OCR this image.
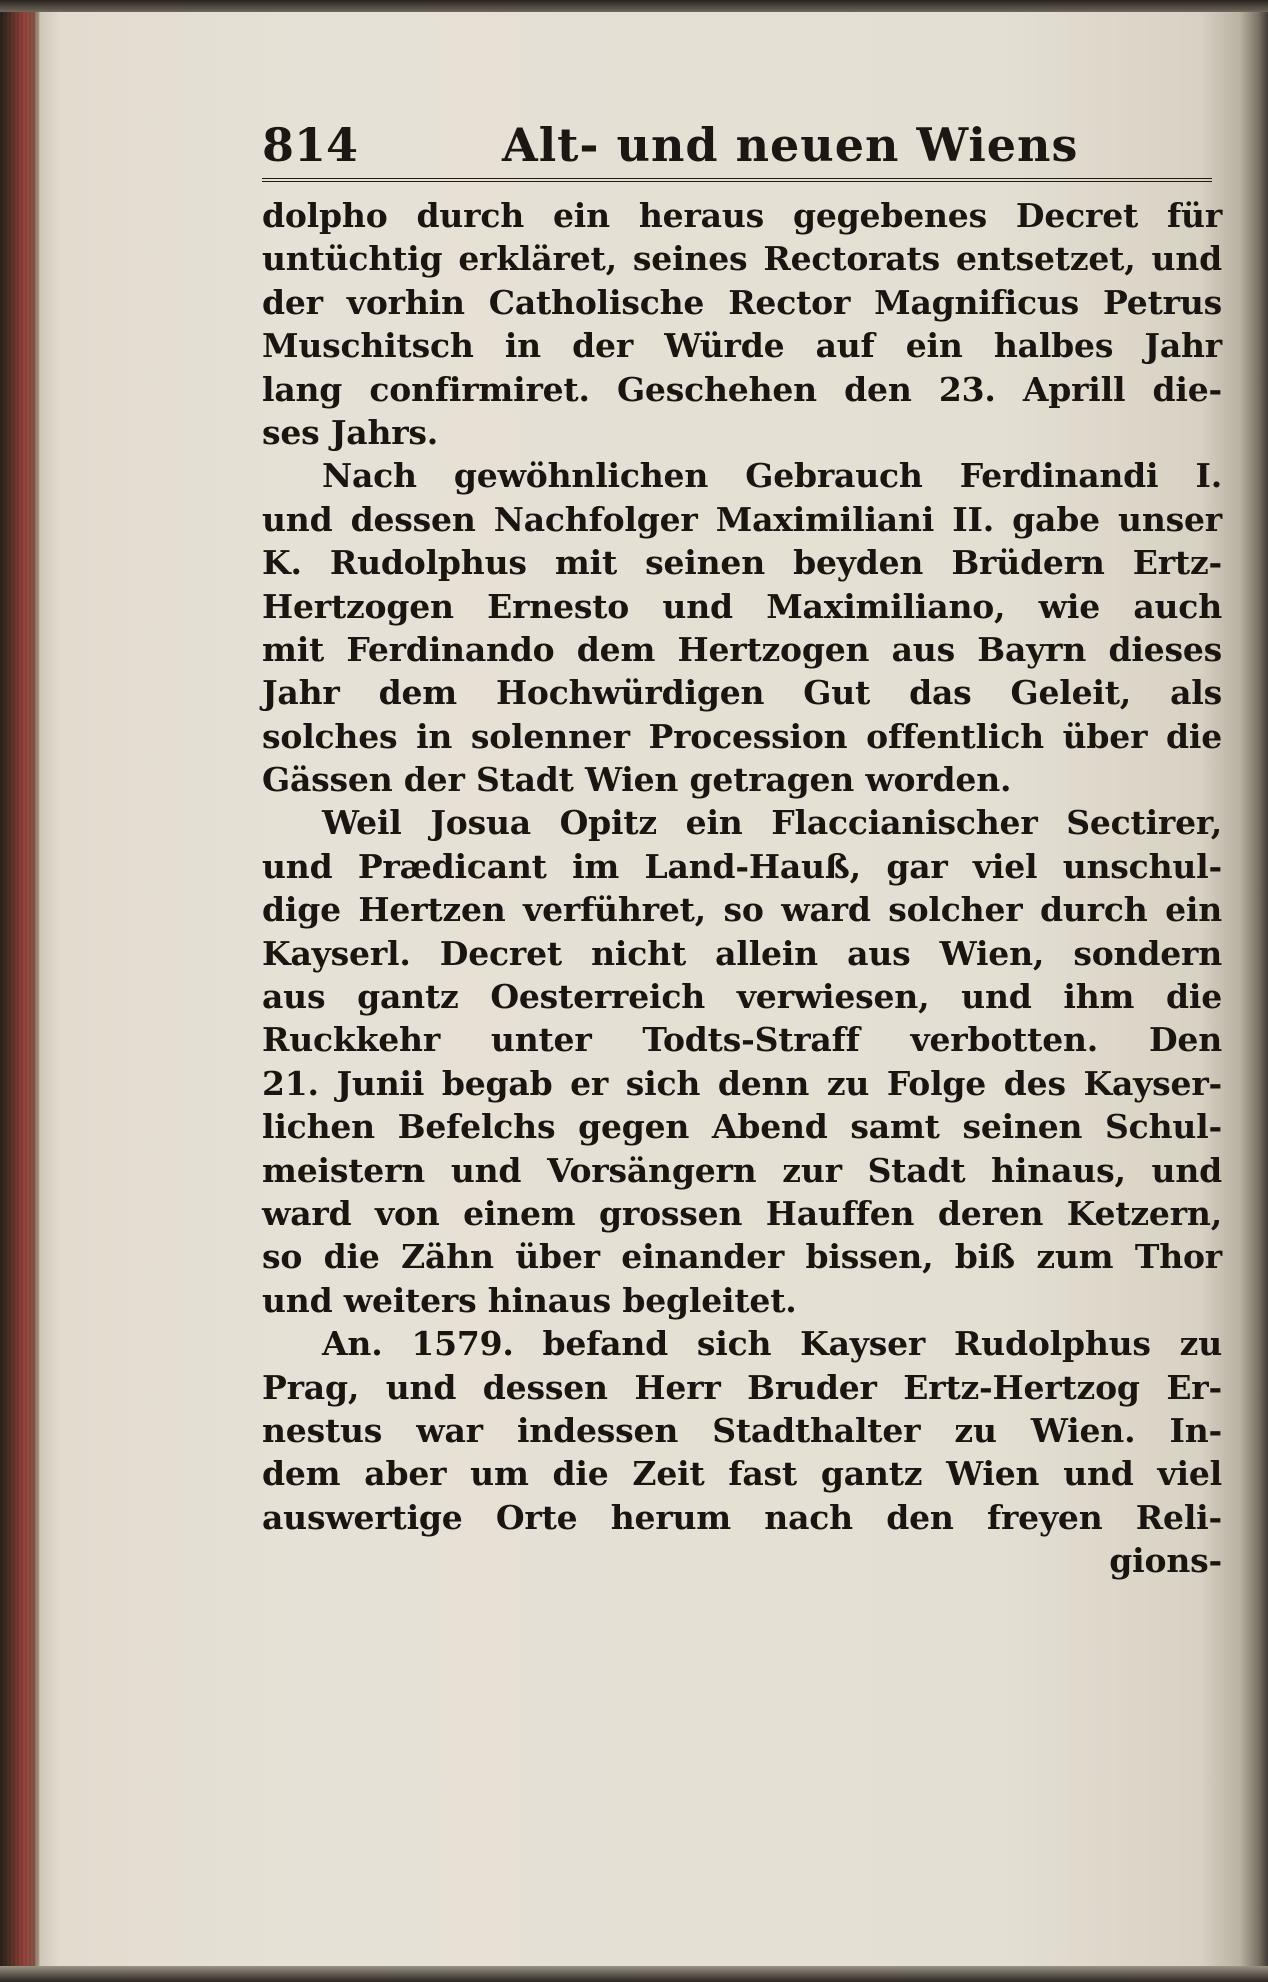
814	Alt- und neuen Wiens
dolpho durch ein heraus gegebenes Decret für
untüchtig erkläret, seines Rectorats entsetzet, und
der vorhin Catholische Rector Magnificus Petrus
Muschitsch in der Würde auf ein halbes Jahr
lang confirmiret. Geschehen den 23. Aprill die-
ses Jahrs.
Nach gewöhnlichen Gebrauch Ferdinandi I.
und dessen Nachfolger Maximiliani II. gabe unser
K. Rudolphus mit seinen beyden Brüdern Ertz-
Hertzogen Ernesto und Maximiliano, wie auch
mit Ferdinando dem Hertzogen aus Bayrn dieses
Jahr dem Hochwürdigen Gut das Geleit, als
solches in solenner Procession offentlich über die
Gässen der Stadt Wien getragen worden.
Weil Josua Opitz ein Flaccianischer Sectirer,
und Prædicant im Land-Hauß, gar viel unschul-
dige Hertzen verführet, so ward solcher durch ein
Kayserl. Decret nicht allein aus Wien, sondern
aus gantz Oesterreich verwiesen, und ihm die
Ruckkehr unter Todts-Straff verbotten. Den
21. Junii begab er sich denn zu Folge des Kayser-
lichen Befelchs gegen Abend samt seinen Schul-
meistern und Vorsängern zur Stadt hinaus, und
ward von einem grossen Hauffen deren Ketzern,
so die Zähn über einander bissen, biß zum Thor
und weiters hinaus begleitet.
An. 1579. befand sich Kayser Rudolphus zu
Prag, und dessen Herr Bruder Ertz-Hertzog Er-
nestus war indessen Stadthalter zu Wien. In-
dem aber um die Zeit fast gantz Wien und viel
auswertige Orte herum nach den freyen Reli-
gions-
